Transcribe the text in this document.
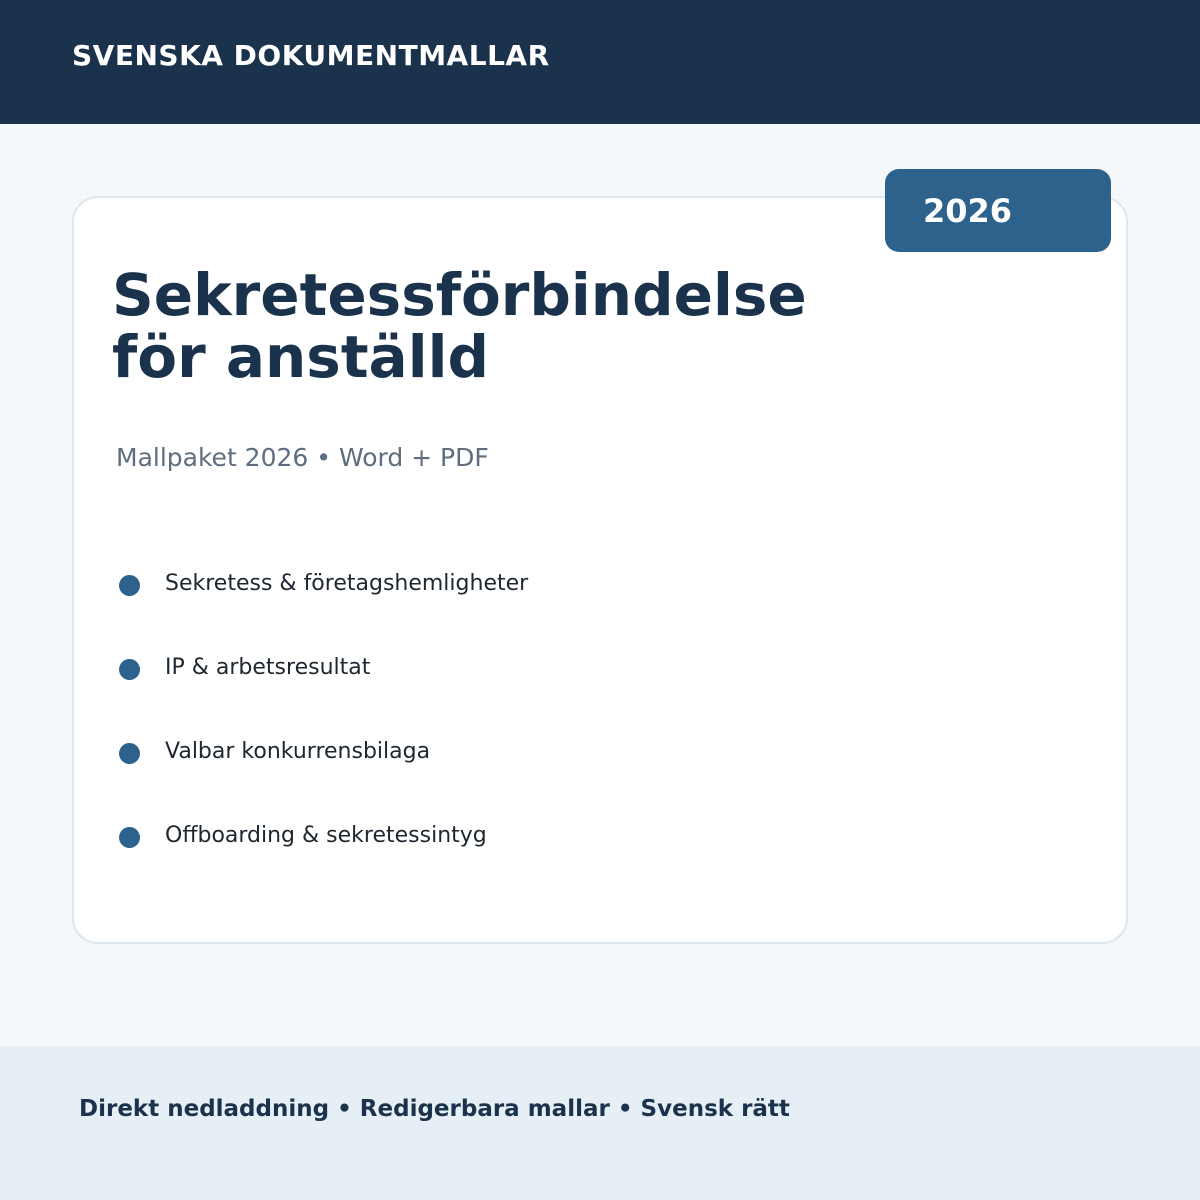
SVENSKA DOKUMENTMALLAR
2026
Sekretessförbindelse
för anställd
Mallpaket 2026 • Word + PDF
Sekretess & företagshemligheter
IP & arbetsresultat
Valbar konkurrensbilaga
Offboarding & sekretessintyg
Direkt nedladdning • Redigerbara mallar • Svensk rätt
